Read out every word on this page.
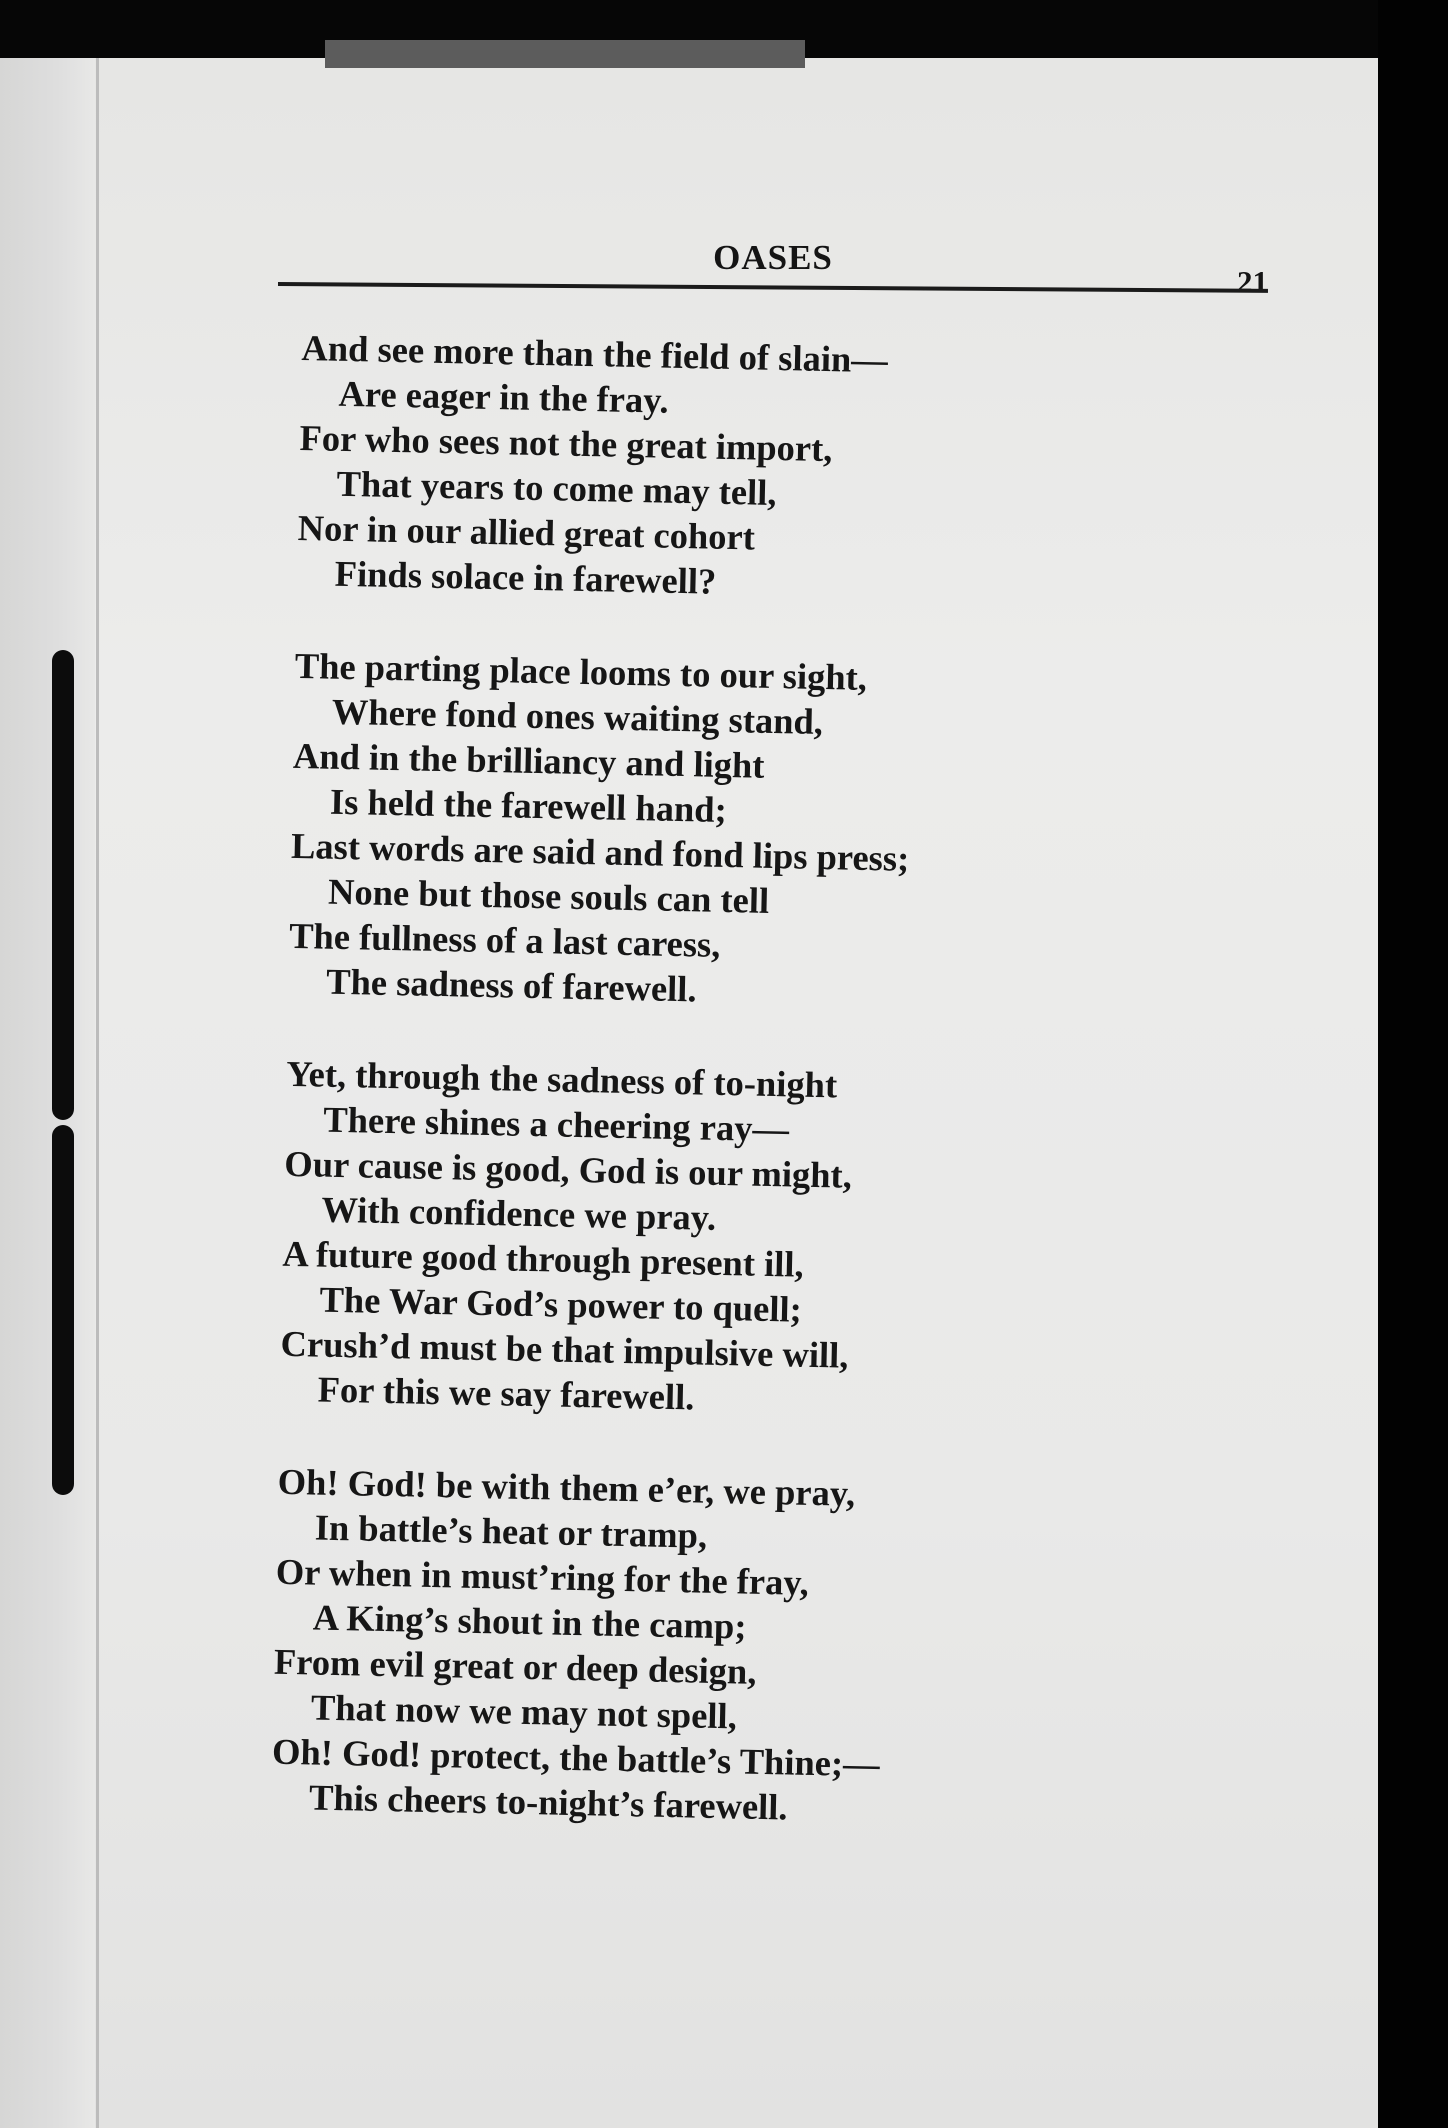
OASES
21
And see more than the field of slain—
Are eager in the fray.
For who sees not the great import,
That years to come may tell,
Nor in our allied great cohort
Finds solace in farewell?
The parting place looms to our sight,
Where fond ones waiting stand,
And in the brilliancy and light
Is held the farewell hand;
Last words are said and fond lips press;
None but those souls can tell
The fullness of a last caress,
The sadness of farewell.
Yet, through the sadness of to-night
There shines a cheering ray—
Our cause is good, God is our might,
With confidence we pray.
A future good through present ill,
The War God’s power to quell;
Crush’d must be that impulsive will,
For this we say farewell.
Oh! God! be with them e’er, we pray,
In battle’s heat or tramp,
Or when in must’ring for the fray,
A King’s shout in the camp;
From evil great or deep design,
That now we may not spell,
Oh! God! protect, the battle’s Thine;—
This cheers to-night’s farewell.
